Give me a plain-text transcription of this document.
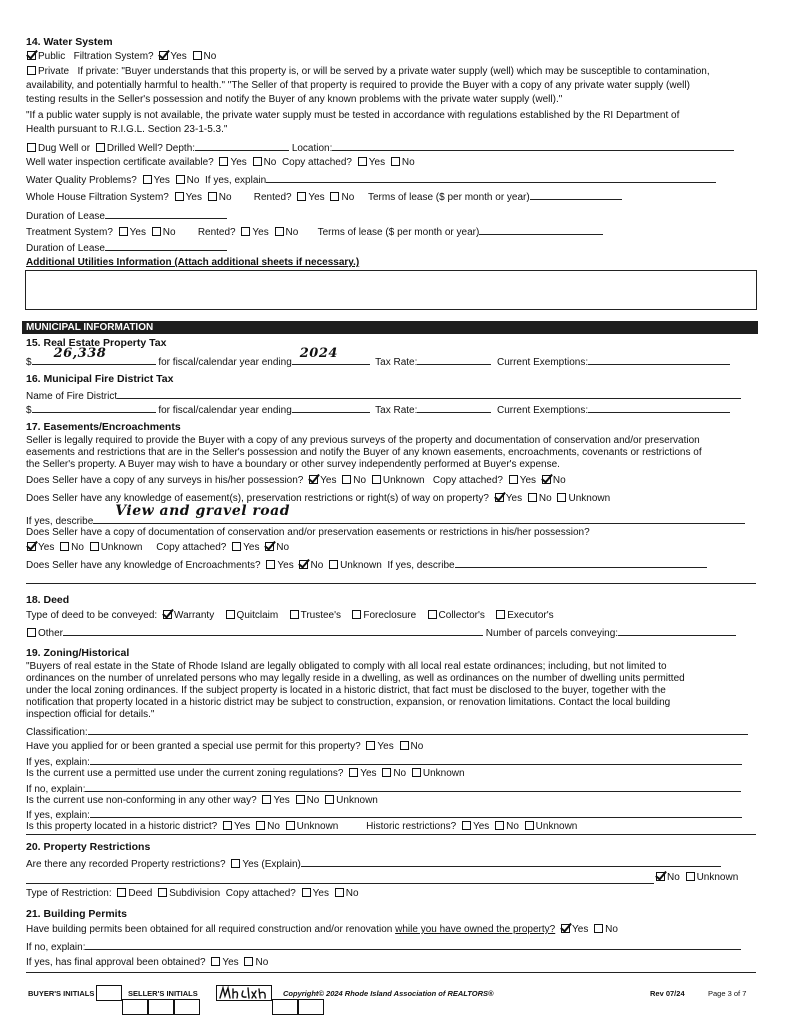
14. Water System
Public Filtration System? Yes No
Private If private: "Buyer understands that this property is, or will be served by a private water supply (well) which may be susceptible to contamination,
availability, and potentially harmful to health." "The Seller of that property is required to provide the Buyer with a copy of any private water supply (well)
testing results in the Seller's possession and notify the Buyer of any known problems with the private water supply (well)."
"If a public water supply is not available, the private water supply must be tested in accordance with regulations established by the RI Department of
Health pursuant to R.I.G.L. Section 23-1-5.3."
Dug Well or Drilled Well? Depth:	Location:
Well water inspection certificate available? Yes No Copy attached? Yes No
Water Quality Problems? Yes No If yes, explain
Whole House Filtration System? Yes No Rented? Yes No Terms of lease ($ per month or year)
Duration of Lease
Treatment System? Yes No Rented? Yes No Terms of lease ($ per month or year)
Duration of Lease
Additional Utilities Information (Attach additional sheets if necessary.)
MUNICIPAL INFORMATION
15. Real Estate Property Tax
$
26,338
for fiscal/calendar year ending
2024
Tax Rate:	Current Exemptions:
16. Municipal Fire District Tax
Name of Fire District
$	for fiscal/calendar year ending	Tax Rate:	Current Exemptions:
17. Easements/Encroachments
Seller is legally required to provide the Buyer with a copy of any previous surveys of the property and documentation of conservation and/or preservation
easements and restrictions that are in the Seller's possession and notify the Buyer of any known easements, encroachments, covenants or restrictions of
the Seller's property. A Buyer may wish to have a boundary or other survey independently performed at Buyer's expense.
Does Seller have a copy of any surveys in his/her possession? Yes No Unknown Copy attached? Yes No
Does Seller have any knowledge of easement(s), preservation restrictions or right(s) of way on property? Yes No Unknown
If yes, describe
View and gravel road
Does Seller have a copy of documentation of conservation and/or preservation easements or restrictions in his/her possession?
Yes No Unknown Copy attached? Yes No
Does Seller have any knowledge of Encroachments? Yes No Unknown If yes, describe
18. Deed
Type of deed to be conveyed: Warranty Quitclaim Trustee's Foreclosure Collector's Executor's
Other	Number of parcels conveying:
19. Zoning/Historical
"Buyers of real estate in the State of Rhode Island are legally obligated to comply with all local real estate ordinances; including, but not limited to
ordinances on the number of unrelated persons who may legally reside in a dwelling, as well as ordinances on the number of dwelling units permitted
under the local zoning ordinances. If the subject property is located in a historic district, that fact must be disclosed to the buyer, together with the
notification that property located in a historic district may be subject to construction, expansion, or renovation limitations. Contact the local building
inspection official for details."
Classification:
Have you applied for or been granted a special use permit for this property? Yes No
If yes, explain:
Is the current use a permitted use under the current zoning regulations? Yes No Unknown
If no, explain:
Is the current use non-conforming in any other way? Yes No Unknown
If yes, explain:
Is this property located in a historic district? Yes No Unknown	Historic restrictions? Yes No Unknown
20. Property Restrictions
Are there any recorded Property restrictions? Yes (Explain)
No Unknown
Type of Restriction: Deed Subdivision Copy attached? Yes No
21. Building Permits
Have building permits been obtained for all required construction and/or renovation while you have owned the property? Yes No
If no, explain:
If yes, has final approval been obtained? Yes No
BUYER'S INITIALS	SELLER'S INITIALS	Copyright© 2024 Rhode Island Association of REALTORS®	Rev 07/24	Page 3 of 7
